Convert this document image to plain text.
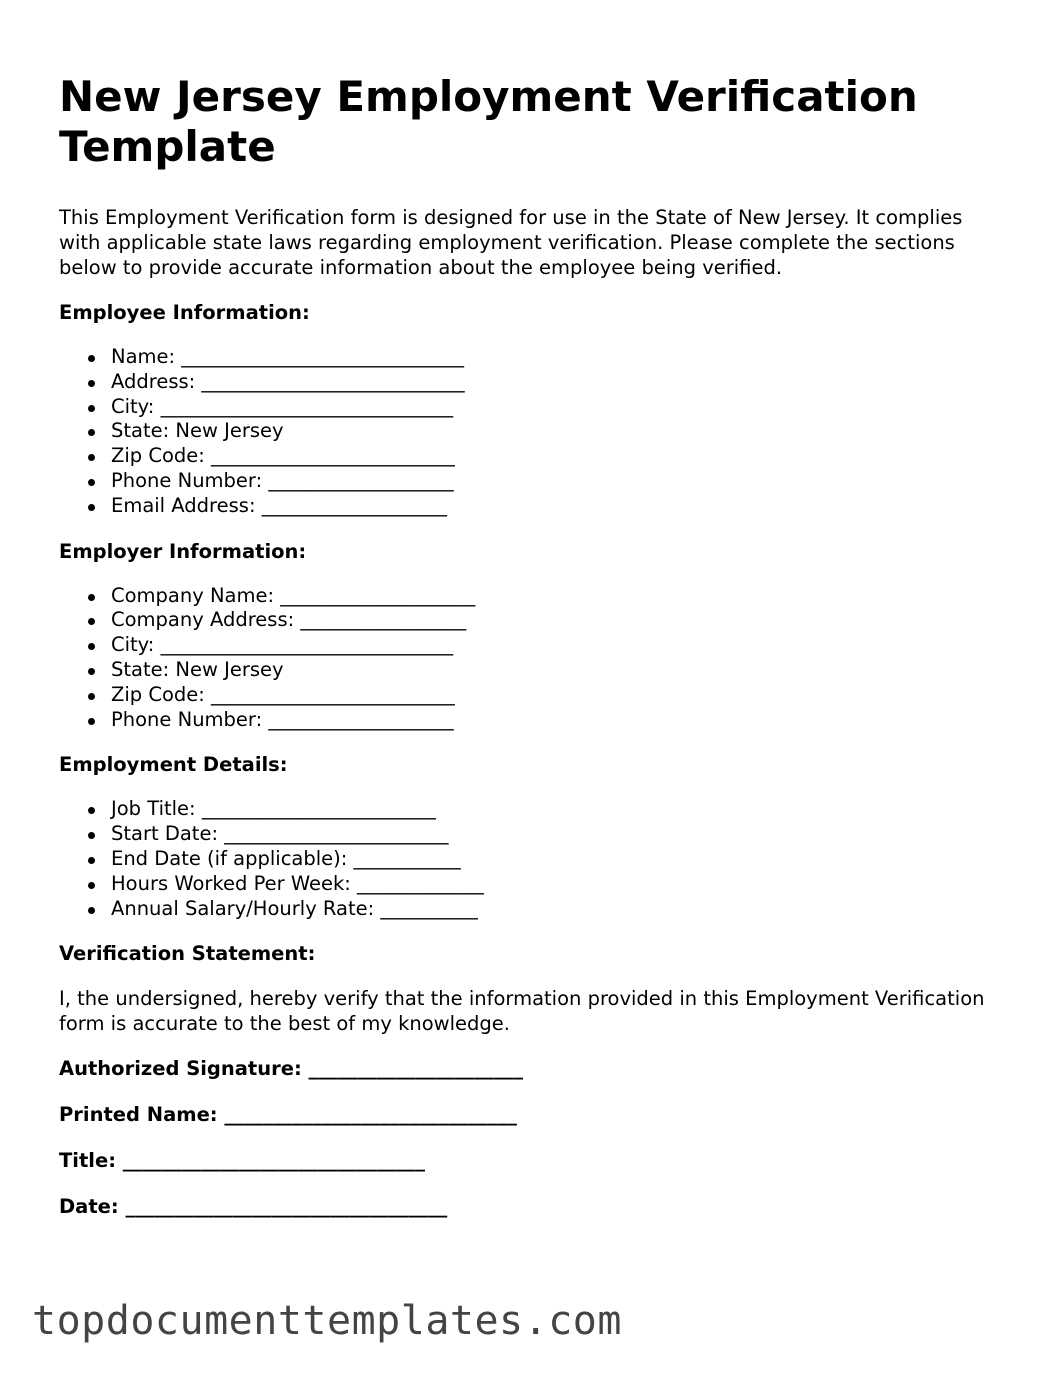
New Jersey Employment Verification Template

This Employment Verification form is designed for use in the State of New Jersey. It complies with applicable state laws regarding employment verification. Please complete the sections below to provide accurate information about the employee being verified.

Employee Information:
Name: _____________________________
Address: ___________________________
City: ______________________________
State: New Jersey
Zip Code: _________________________
Phone Number: ___________________
Email Address: ___________________
Employer Information:
Company Name: ____________________
Company Address: _________________
City: ______________________________
State: New Jersey
Zip Code: _________________________
Phone Number: ___________________
Employment Details:
Job Title: ________________________
Start Date: _______________________
End Date (if applicable): ___________
Hours Worked Per Week: _____________
Annual Salary/Hourly Rate: __________
Verification Statement:

I, the undersigned, hereby verify that the information provided in this Employment Verification form is accurate to the best of my knowledge.

Authorized Signature: ______________________
Printed Name: ______________________________
Title: _______________________________
Date: _________________________________
topdocumenttemplates.com
